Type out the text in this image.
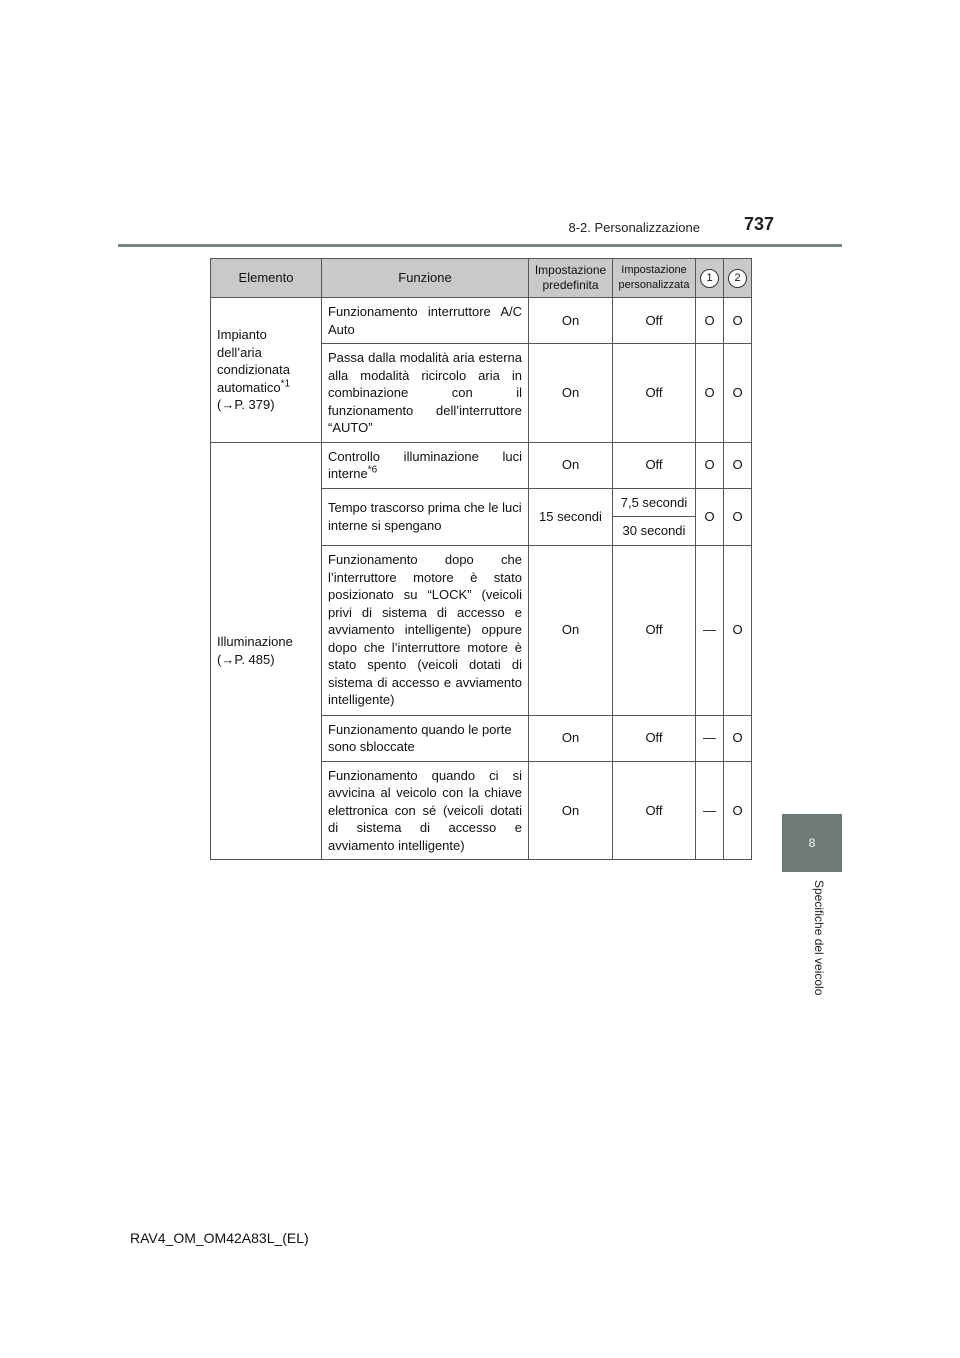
8-2. Personalizzazione	737
8
Specifiche del veicolo
Elemento	Funzione	Impostazione predefinita	Impostazione personalizzata	1	2

Impianto
dell’aria
condizionata
automatico$^{*1}$
(→P. 379)	Funzionamento interruttore A/C Auto	On	Off	O	O
	Passa dalla modalità aria esterna alla modalità ricircolo aria in combinazione con il funzionamento dell’interruttore “AUTO”	On	Off	O	O

Illuminazione
(→P. 485)	Controllo illuminazione luci interne$^{*6}$	On	Off	O	O
	Tempo trascorso prima che le luci interne si spengano	15 secondi	7,5 secondi	O	O
			30 secondi		
	Funzionamento dopo che l’interruttore motore è stato posizionato su “LOCK” (veicoli privi di sistema di accesso e avviamento intelligente) oppure dopo che l’interruttore motore è stato spento (veicoli dotati di sistema di accesso e avviamento intelligente)	On	Off	—	O
	Funzionamento quando le porte sono sbloccate	On	Off	—	O
	Funzionamento quando ci si avvicina al veicolo con la chiave elettronica con sé (veicoli dotati di sistema di accesso e avviamento intelligente)	On	Off	—	O
RAV4_OM_OM42A83L_(EL)
